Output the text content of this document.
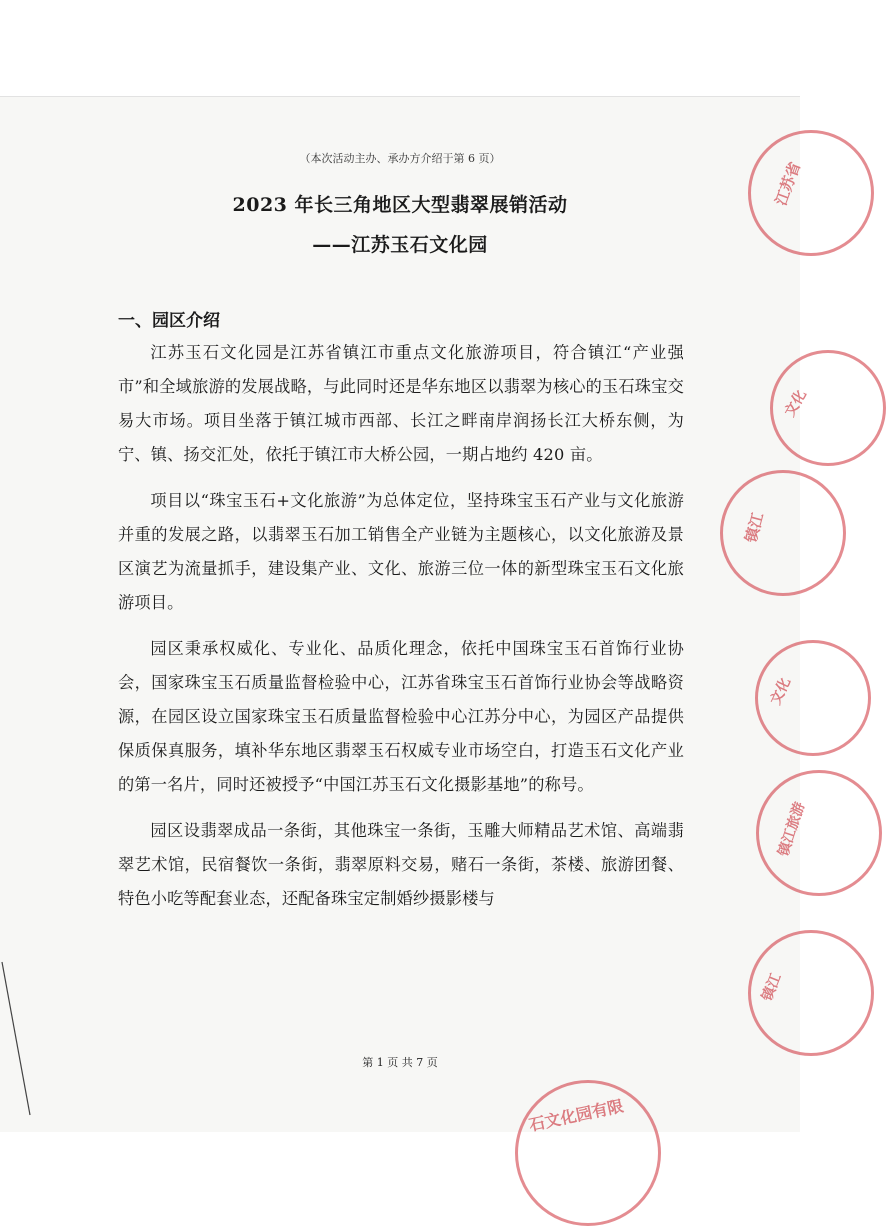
（本次活动主办、承办方介绍于第 6 页）
2023 年长三角地区大型翡翠展销活动
——江苏玉石文化园
一、园区介绍

江苏玉石文化园是江苏省镇江市重点文化旅游项目，符合镇江“产业强市”和全域旅游的发展战略，与此同时还是华东地区以翡翠为核心的玉石珠宝交易大市场。项目坐落于镇江城市西部、长江之畔南岸润扬长江大桥东侧，为宁、镇、扬交汇处，依托于镇江市大桥公园，一期占地约 420 亩。

项目以“珠宝玉石+文化旅游”为总体定位，坚持珠宝玉石产业与文化旅游并重的发展之路，以翡翠玉石加工销售全产业链为主题核心，以文化旅游及景区演艺为流量抓手，建设集产业、文化、旅游三位一体的新型珠宝玉石文化旅游项目。

园区秉承权威化、专业化、品质化理念，依托中国珠宝玉石首饰行业协会，国家珠宝玉石质量监督检验中心，江苏省珠宝玉石首饰行业协会等战略资源，在园区设立国家珠宝玉石质量监督检验中心江苏分中心，为园区产品提供保质保真服务，填补华东地区翡翠玉石权威专业市场空白，打造玉石文化产业的第一名片，同时还被授予“中国江苏玉石文化摄影基地”的称号。

园区设翡翠成品一条街，其他珠宝一条街，玉雕大师精品艺术馆、高端翡翠艺术馆，民宿餐饮一条街，翡翠原料交易，赌石一条街，茶楼、旅游团餐、特色小吃等配套业态，还配备珠宝定制婚纱摄影楼与

第 1 页 共 7 页
江苏省
文化
镇江
文化
镇江旅游
镇江
石文化园有限
